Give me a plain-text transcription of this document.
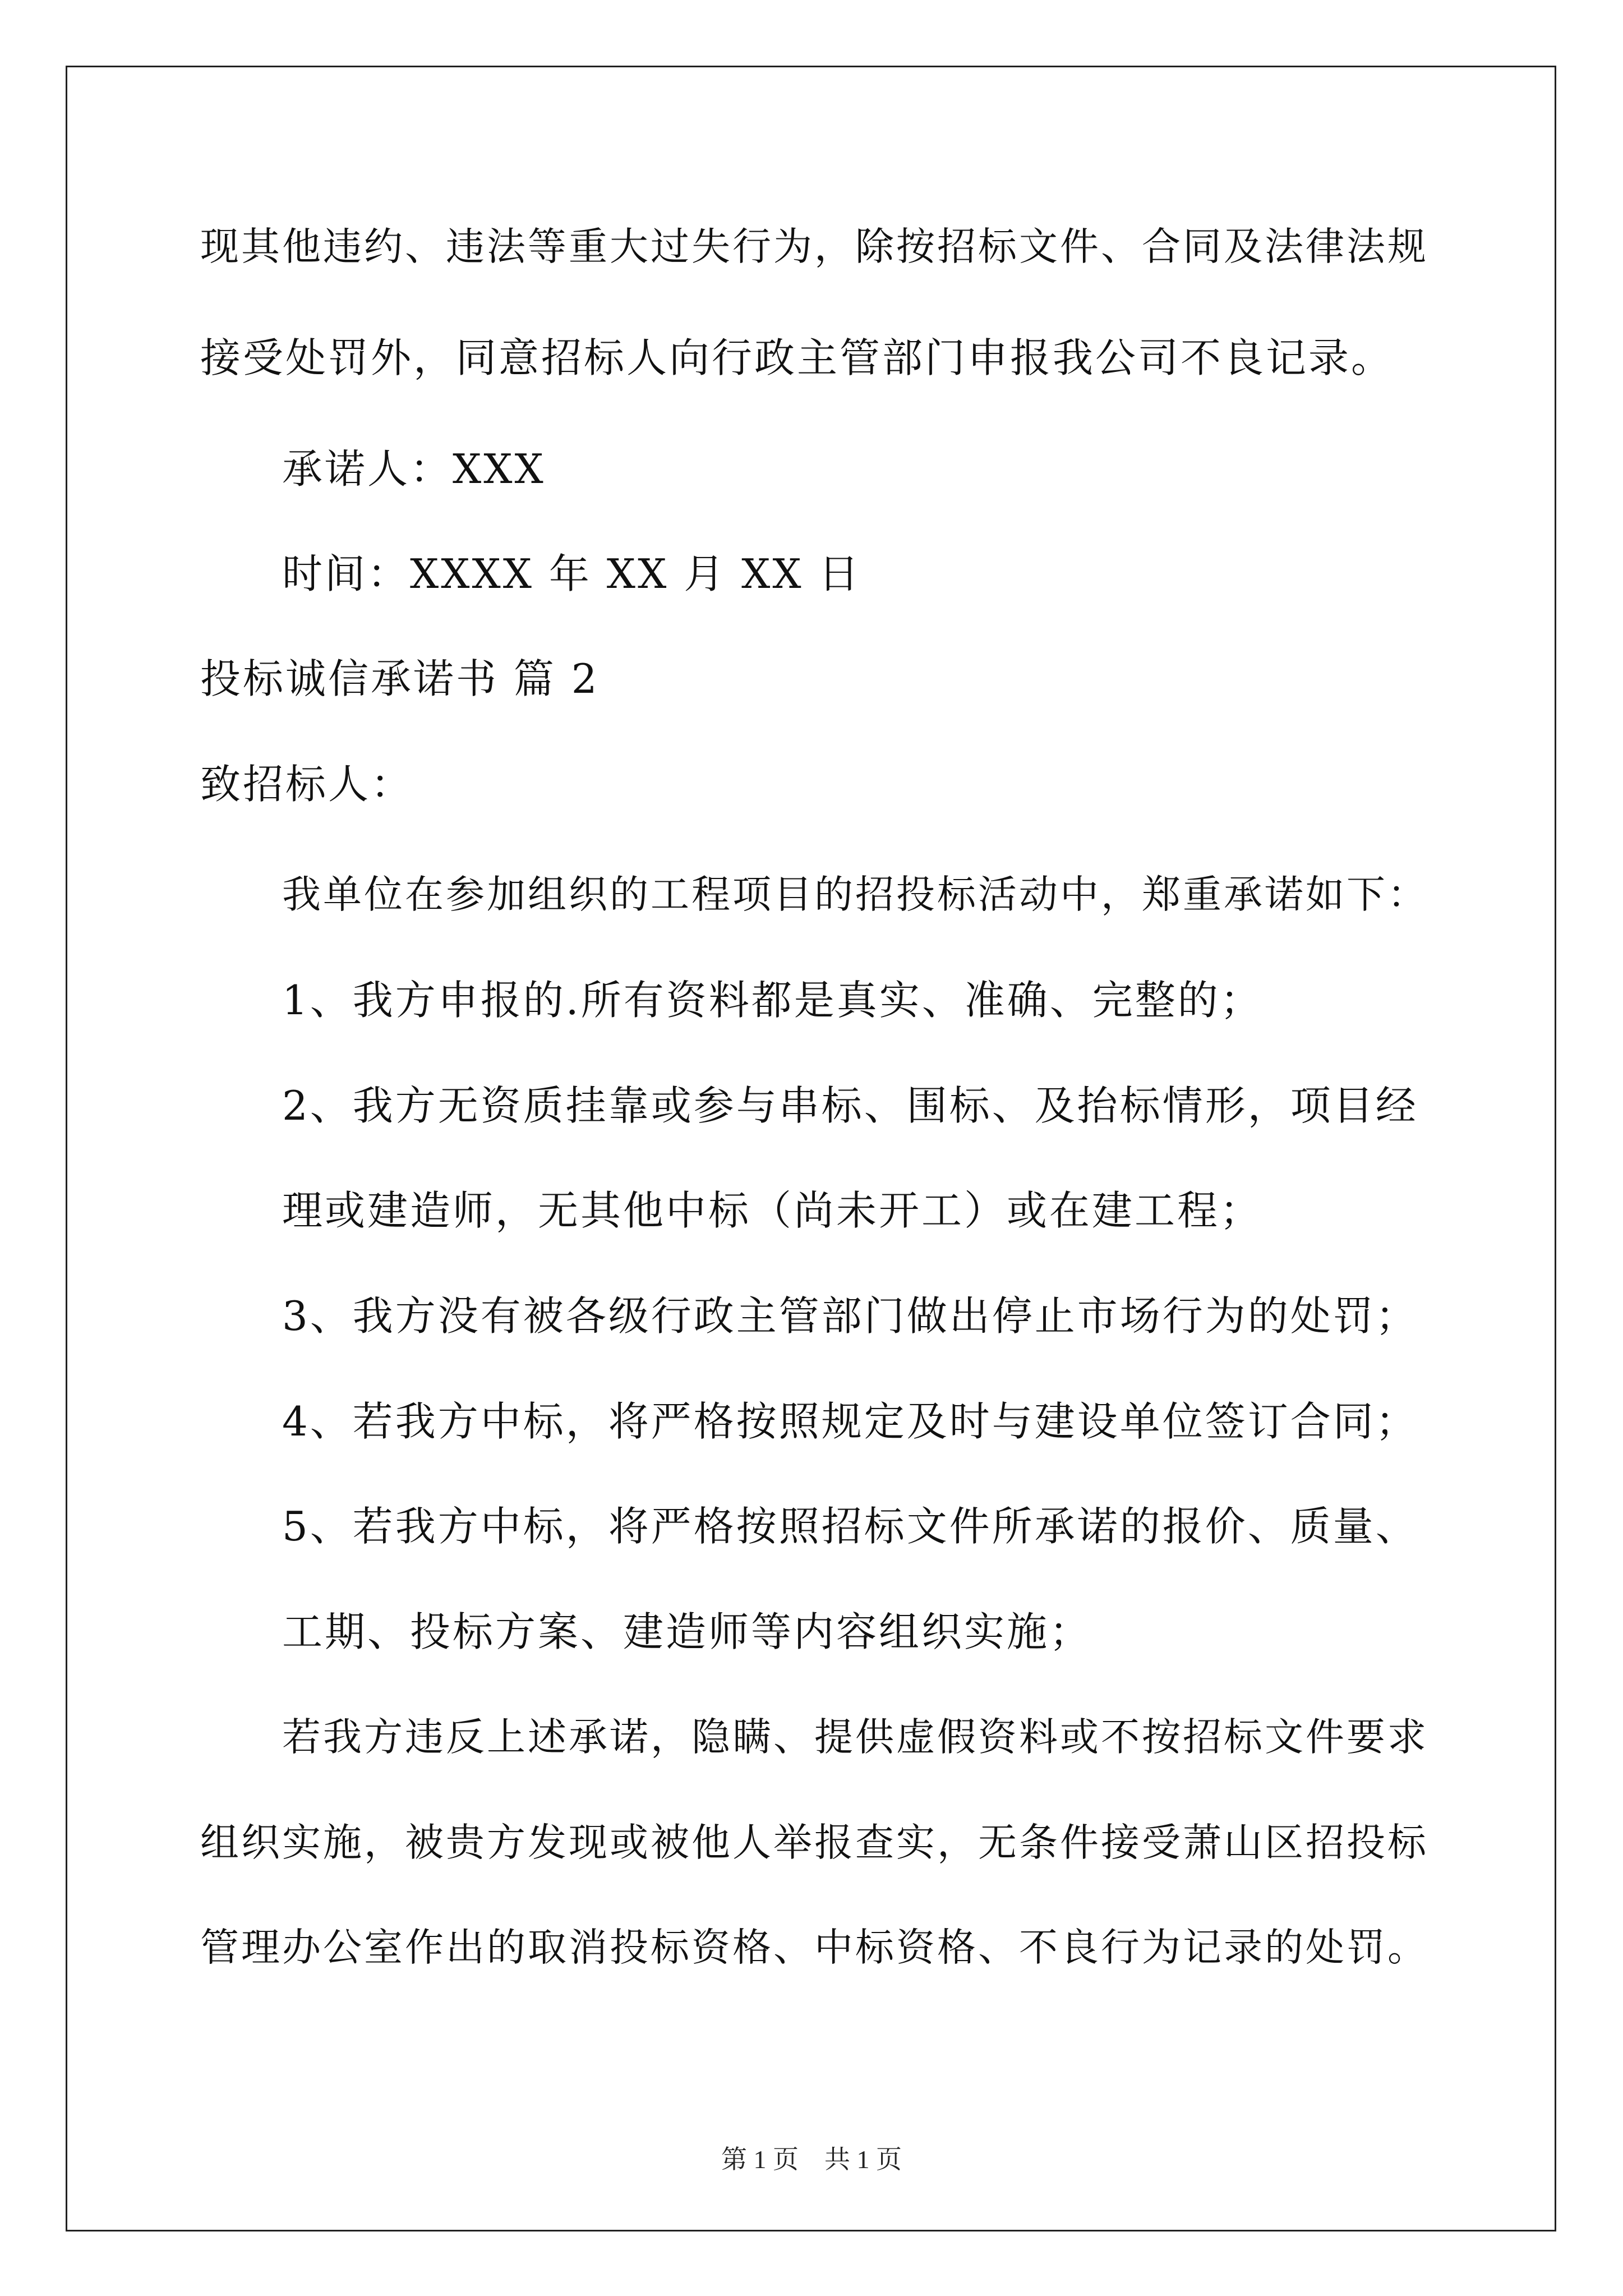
现其他违约、违法等重大过失行为，除按招标文件、合同及法律法规
接受处罚外，同意招标人向行政主管部门申报我公司不良记录。
承诺人：XXX
时间：XXXX 年 XX 月 XX 日
投标诚信承诺书 篇 2
致招标人：
我单位在参加组织的工程项目的招投标活动中，郑重承诺如下：
1、我方申报的.所有资料都是真实、准确、完整的；
2、我方无资质挂靠或参与串标、围标、及抬标情形，项目经
理或建造师，无其他中标（尚未开工）或在建工程；
3、我方没有被各级行政主管部门做出停止市场行为的处罚；
4、若我方中标，将严格按照规定及时与建设单位签订合同；
5、若我方中标，将严格按照招标文件所承诺的报价、质量、
工期、投标方案、建造师等内容组织实施；
若我方违反上述承诺，隐瞒、提供虚假资料或不按招标文件要求
组织实施，被贵方发现或被他人举报查实，无条件接受萧山区招投标
管理办公室作出的取消投标资格、中标资格、不良行为记录的处罚。
第 1 页　共 1 页
